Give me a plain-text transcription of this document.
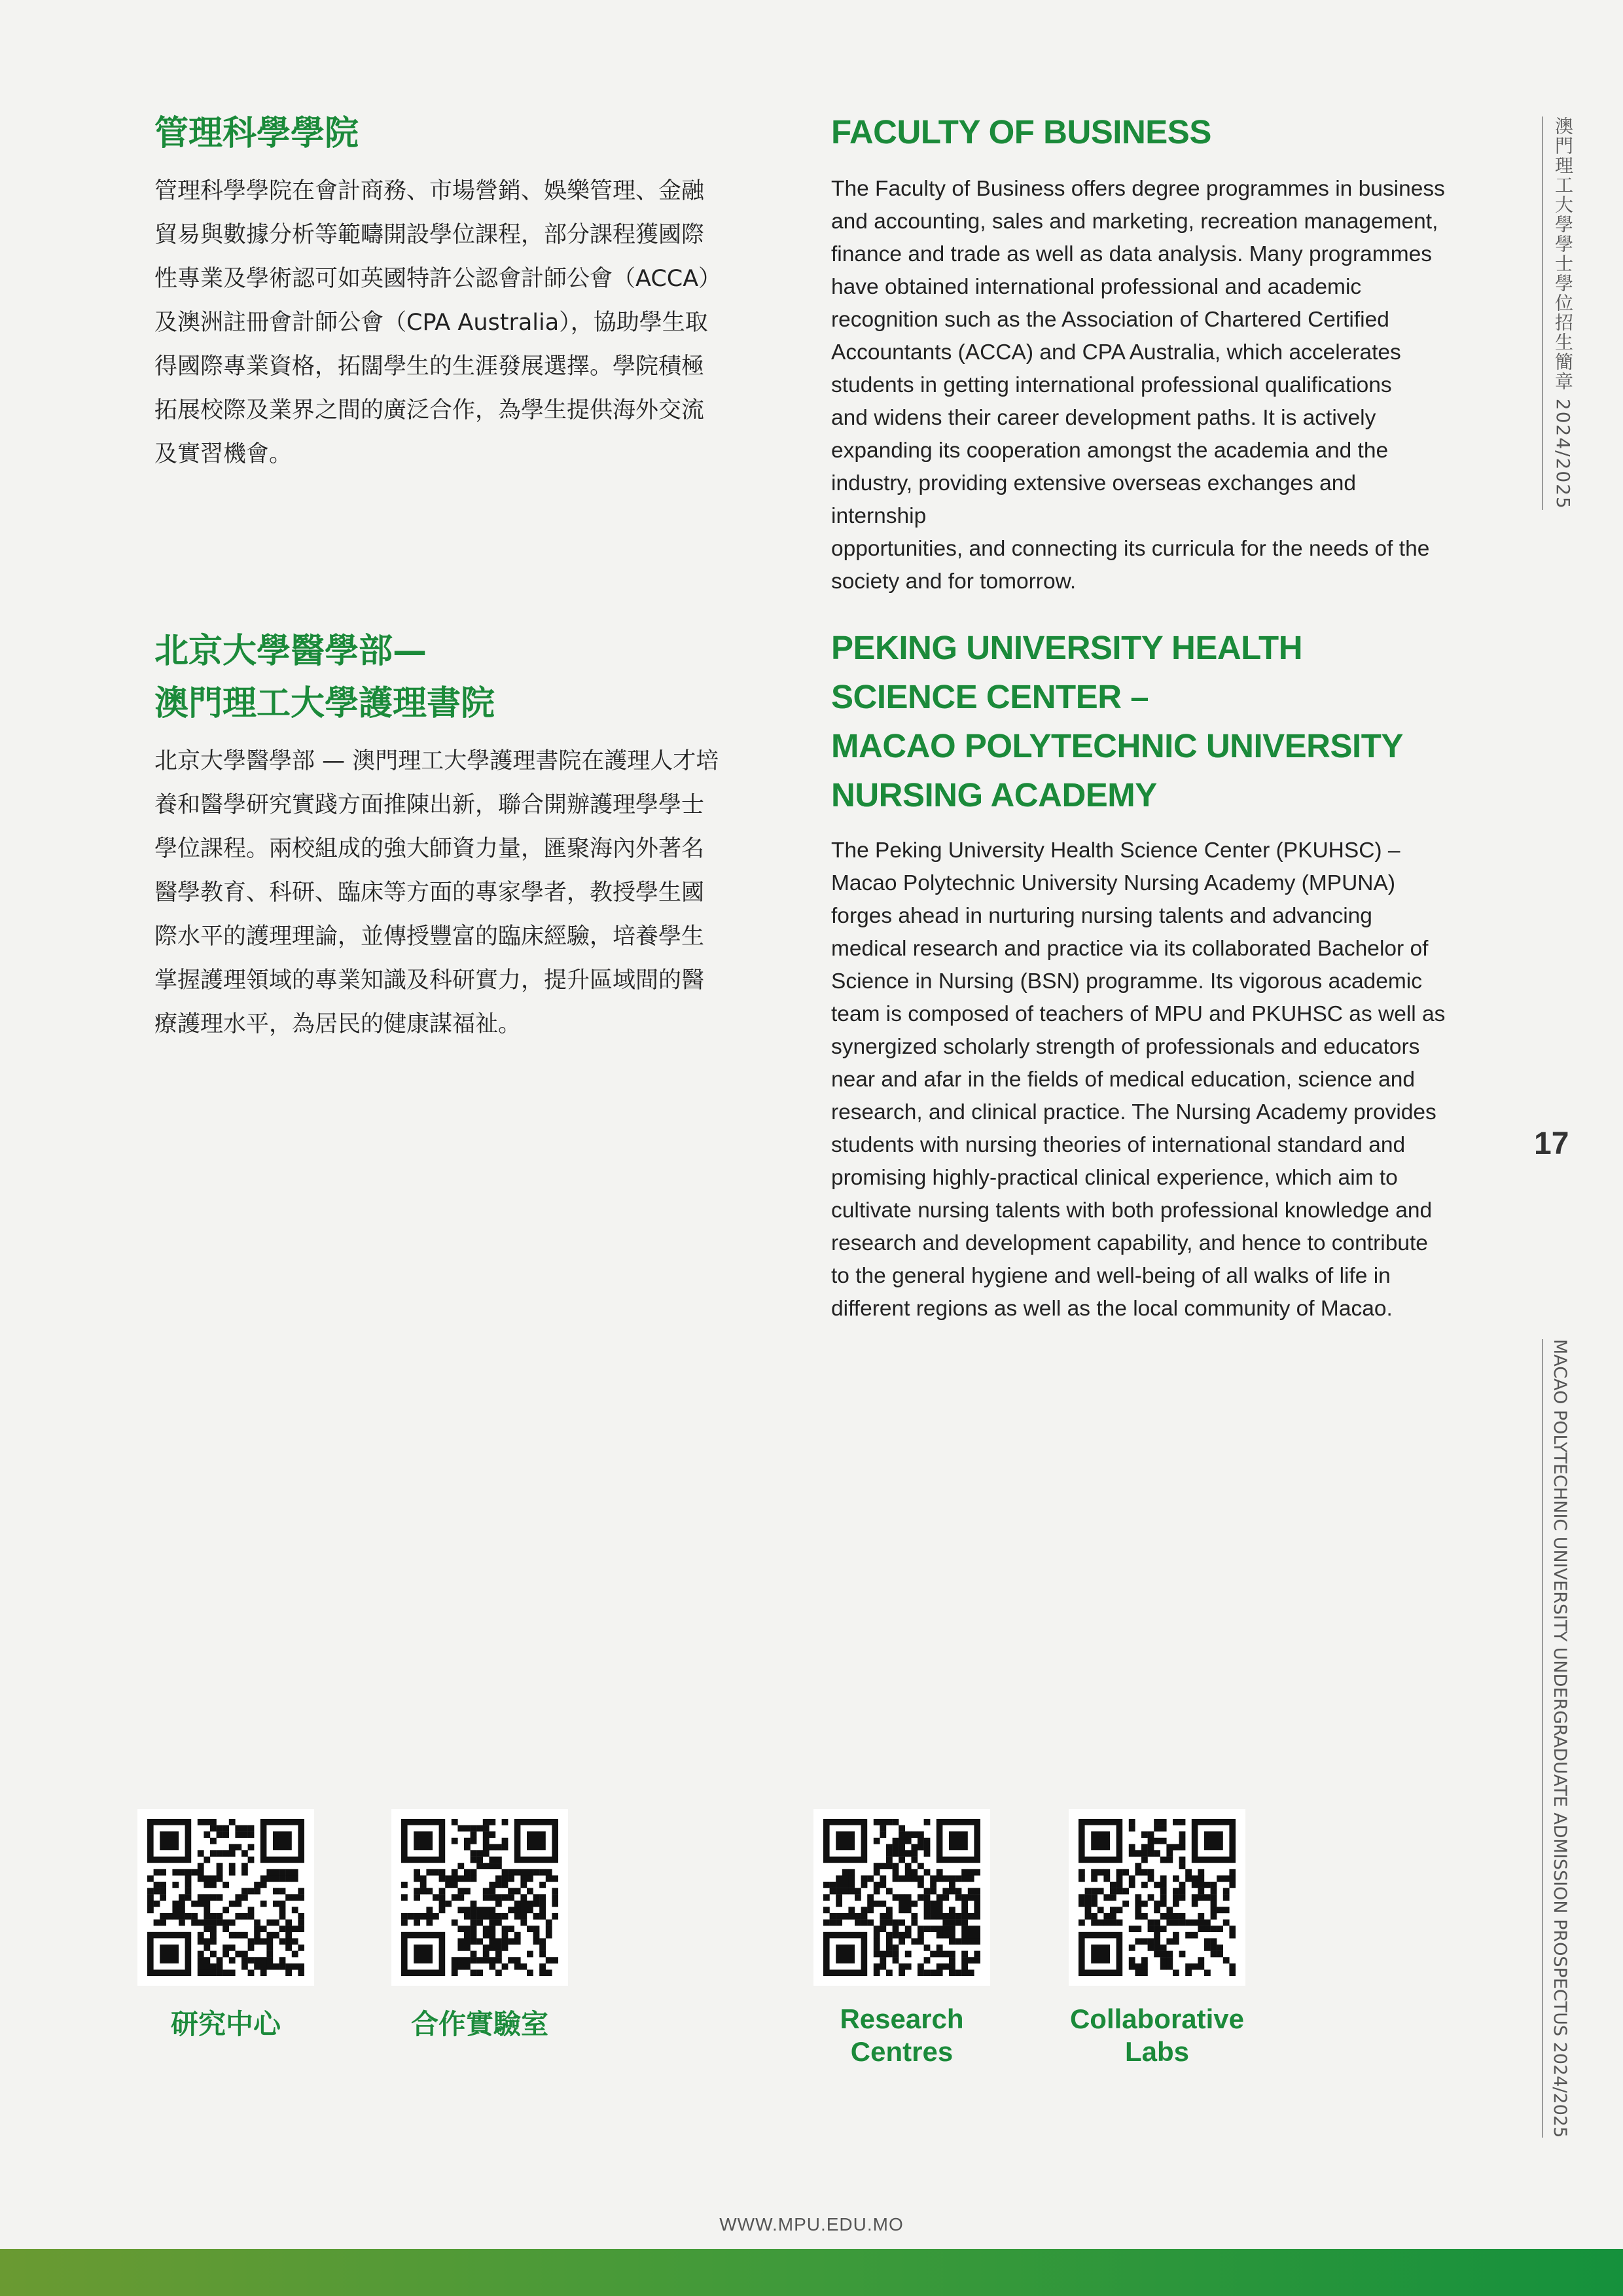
管理科學學院
管理科學學院在會計商務、市場營銷、娛樂管理、金融
貿易與數據分析等範疇開設學位課程，部分課程獲國際
性專業及學術認可如英國特許公認會計師公會（ACCA）
及澳洲註冊會計師公會（CPA Australia），協助學生取
得國際專業資格，拓闊學生的生涯發展選擇。學院積極
拓展校際及業界之間的廣泛合作，為學生提供海外交流
及實習機會。
FACULTY OF BUSINESS
The Faculty of Business offers degree programmes in business
and accounting, sales and marketing, recreation management,
finance and trade as well as data analysis. Many programmes
have obtained international professional and academic
recognition such as the Association of Chartered Certified
Accountants (ACCA) and CPA Australia, which accelerates
students in getting international professional qualifications
and widens their career development paths. It is actively
expanding its cooperation amongst the academia and the
industry, providing extensive overseas exchanges and internship
opportunities, and connecting its curricula for the needs of the
society and for tomorrow.
北京大學醫學部—
澳門理工大學護理書院
北京大學醫學部 — 澳門理工大學護理書院在護理人才培
養和醫學研究實踐方面推陳出新，聯合開辦護理學學士
學位課程。兩校組成的強大師資力量，匯聚海內外著名
醫學教育、科研、臨床等方面的專家學者，教授學生國
際水平的護理理論，並傳授豐富的臨床經驗，培養學生
掌握護理領域的專業知識及科研實力，提升區域間的醫
療護理水平，為居民的健康謀福祉。
PEKING UNIVERSITY HEALTH
SCIENCE CENTER –
MACAO POLYTECHNIC UNIVERSITY
NURSING ACADEMY
The Peking University Health Science Center (PKUHSC) –
Macao Polytechnic University Nursing Academy (MPUNA)
forges ahead in nurturing nursing talents and advancing
medical research and practice via its collaborated Bachelor of
Science in Nursing (BSN) programme. Its vigorous academic
team is composed of teachers of MPU and PKUHSC as well as
synergized scholarly strength of professionals and educators
near and afar in the fields of medical education, science and
research, and clinical practice. The Nursing Academy provides
students with nursing theories of international standard and
promising highly-practical clinical experience, which aim to
cultivate nursing talents with both professional knowledge and
research and development capability, and hence to contribute
to the general hygiene and well-being of all walks of life in
different regions as well as the local community of Macao.
澳門理工大學學士學位招生簡章 2024/2025

17

MACAO POLYTECHNIC UNIVERSITY UNDERGRADUATE ADMISSION PROSPECTUS 2024/2025

研究中心	合作實驗室	Research
Centres
Collaborative
Labs

WWW.MPU.EDU.MO
